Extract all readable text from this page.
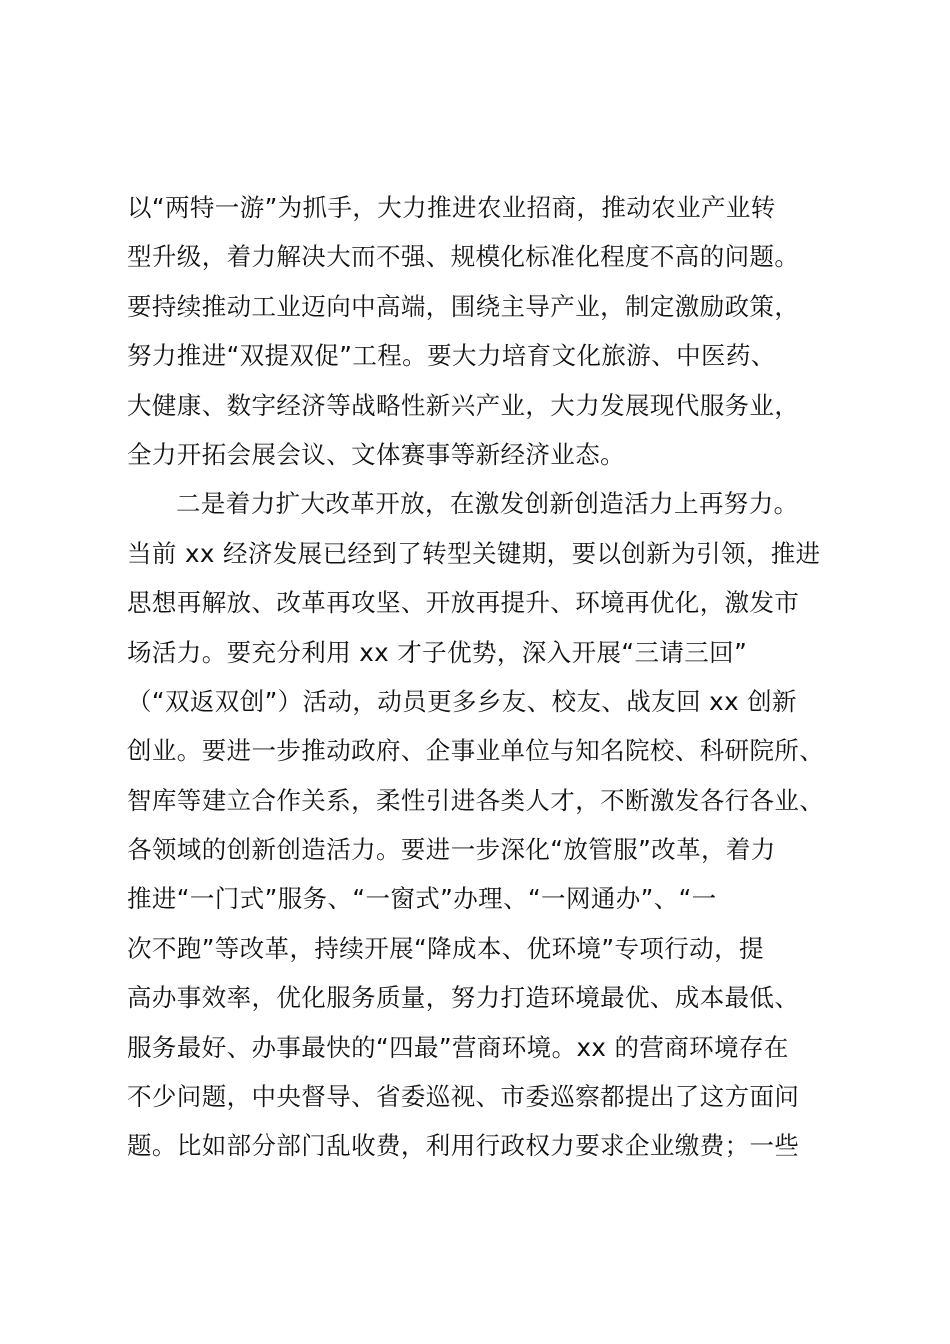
以“两特一游”为抓手，大力推进农业招商，推动农业产业转
型升级，着力解决大而不强、规模化标准化程度不高的问题。
要持续推动工业迈向中高端，围绕主导产业，制定激励政策，
努力推进“双提双促”工程。要大力培育文化旅游、中医药、
大健康、数字经济等战略性新兴产业，大力发展现代服务业，
全力开拓会展会议、文体赛事等新经济业态。
二是着力扩大改革开放，在激发创新创造活力上再努力。
当前 xx 经济发展已经到了转型关键期，要以创新为引领，推进
思想再解放、改革再攻坚、开放再提升、环境再优化，激发市
场活力。要充分利用 xx 才子优势，深入开展“三请三回”
（“双返双创”）活动，动员更多乡友、校友、战友回 xx 创新
创业。要进一步推动政府、企事业单位与知名院校、科研院所、
智库等建立合作关系，柔性引进各类人才，不断激发各行各业、
各领域的创新创造活力。要进一步深化“放管服”改革，着力
推进“一门式”服务、“一窗式”办理、“一网通办”、“一
次不跑”等改革，持续开展“降成本、优环境”专项行动，提
高办事效率，优化服务质量，努力打造环境最优、成本最低、
服务最好、办事最快的“四最”营商环境。xx 的营商环境存在
不少问题，中央督导、省委巡视、市委巡察都提出了这方面问
题。比如部分部门乱收费，利用行政权力要求企业缴费；一些
